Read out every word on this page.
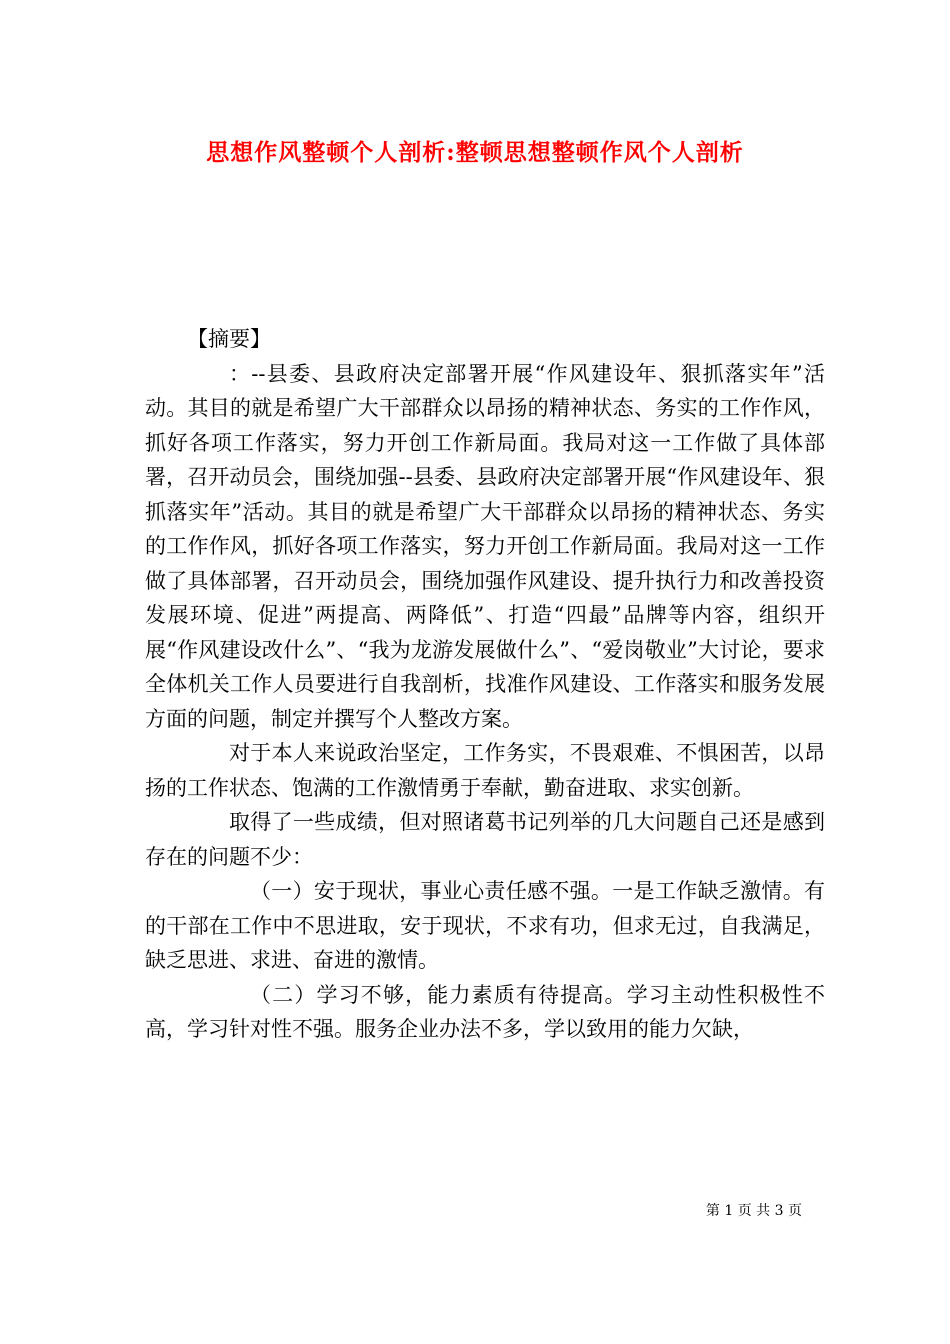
思想作风整顿个人剖析:整顿思想整顿作风个人剖析

【摘要】

：--县委、县政府决定部署开展“作风建设年、狠抓落实年”活动。其目的就是希望广大干部群众以昂扬的精神状态、务实的工作作风，抓好各项工作落实，努力开创工作新局面。我局对这一工作做了具体部署，召开动员会，围绕加强--县委、县政府决定部署开展“作风建设年、狠抓落实年”活动。其目的就是希望广大干部群众以昂扬的精神状态、务实的工作作风，抓好各项工作落实，努力开创工作新局面。我局对这一工作做了具体部署，召开动员会，围绕加强作风建设、提升执行力和改善投资发展环境、促进”两提高、两降低”、打造“四最”品牌等内容，组织开展“作风建设改什么”、“我为龙游发展做什么”、“爱岗敬业”大讨论，要求全体机关工作人员要进行自我剖析，找准作风建设、工作落实和服务发展方面的问题，制定并撰写个人整改方案。

对于本人来说政治坚定，工作务实，不畏艰难、不惧困苦，以昂扬的工作状态、饱满的工作激情勇于奉献，勤奋进取、求实创新。

取得了一些成绩，但对照诸葛书记列举的几大问题自己还是感到存在的问题不少：

（一）安于现状，事业心责任感不强。一是工作缺乏激情。有的干部在工作中不思进取，安于现状，不求有功，但求无过，自我满足，缺乏思进、求进、奋进的激情。

（二）学习不够，能力素质有待提高。学习主动性积极性不高，学习针对性不强。服务企业办法不多，学以致用的能力欠缺，

第 1 页 共 3 页
